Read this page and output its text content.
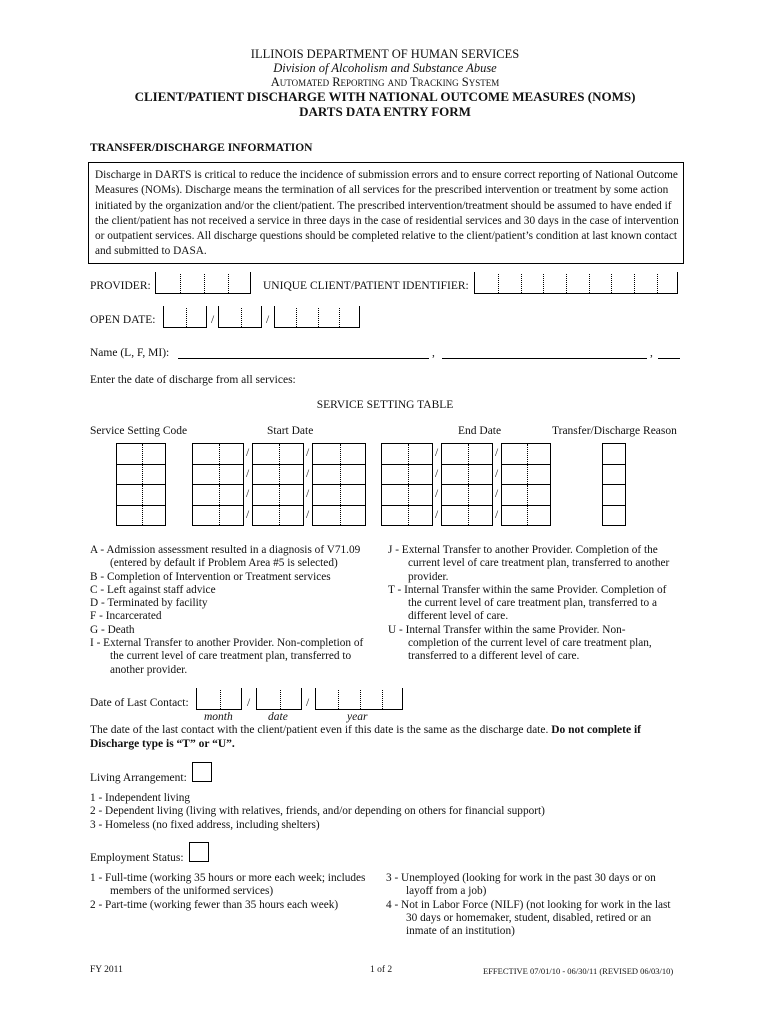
ILLINOIS DEPARTMENT OF HUMAN SERVICES
Division of Alcoholism and Substance Abuse
Automated Reporting and Tracking System
CLIENT/PATIENT DISCHARGE WITH NATIONAL OUTCOME MEASURES (NOMS)
DARTS DATA ENTRY FORM
TRANSFER/DISCHARGE INFORMATION
Discharge in DARTS is critical to reduce the incidence of submission errors and to ensure correct reporting of National Outcome
Measures (NOMs). Discharge means the termination of all services for the prescribed intervention or treatment by some action
initiated by the organization and/or the client/patient. The prescribed intervention/treatment should be assumed to have ended if
the client/patient has not received a service in three days in the case of residential services and 30 days in the case of intervention
or outpatient services. All discharge questions should be completed relative to the client/patient’s condition at last known contact
and submitted to DASA.
PROVIDER:	UNIQUE CLIENT/PATIENT IDENTIFIER:
OPEN DATE:	/	/
Name (L, F, MI):	,	,
Enter the date of discharge from all services:
SERVICE SETTING TABLE
Service Setting Code	Start Date	End Date	Transfer/Discharge Reason
/	/	/	/
/	/	/	/
/	/	/	/
/	/	/	/
A - Admission assessment resulted in a diagnosis of V71.09
(entered by default if Problem Area #5 is selected)
B - Completion of Intervention or Treatment services
C - Left against staff advice
D - Terminated by facility
F - Incarcerated
G - Death
I - External Transfer to another Provider. Non-completion of
the current level of care treatment plan, transferred to
another provider.
J - External Transfer to another Provider. Completion of the
current level of care treatment plan, transferred to another
provider.
T - Internal Transfer within the same Provider. Completion of
the current level of care treatment plan, transferred to a
different level of care.
U - Internal Transfer within the same Provider. Non-
completion of the current level of care treatment plan,
transferred to a different level of care.
Date of Last Contact:	/	/
month	date	year
The date of the last contact with the client/patient even if this date is the same as the discharge date. Do not complete if
Discharge type is “T” or “U”.
Living Arrangement:
1 - Independent living
2 - Dependent living (living with relatives, friends, and/or depending on others for financial support)
3 - Homeless (no fixed address, including shelters)
Employment Status:
1 - Full-time (working 35 hours or more each week; includes
members of the uniformed services)
2 - Part-time (working fewer than 35 hours each week)
3 - Unemployed (looking for work in the past 30 days or on
layoff from a job)
4 - Not in Labor Force (NILF) (not looking for work in the last
30 days or homemaker, student, disabled, retired or an
inmate of an institution)
FY 2011	1 of 2	EFFECTIVE 07/01/10 - 06/30/11 (REVISED 06/03/10)
